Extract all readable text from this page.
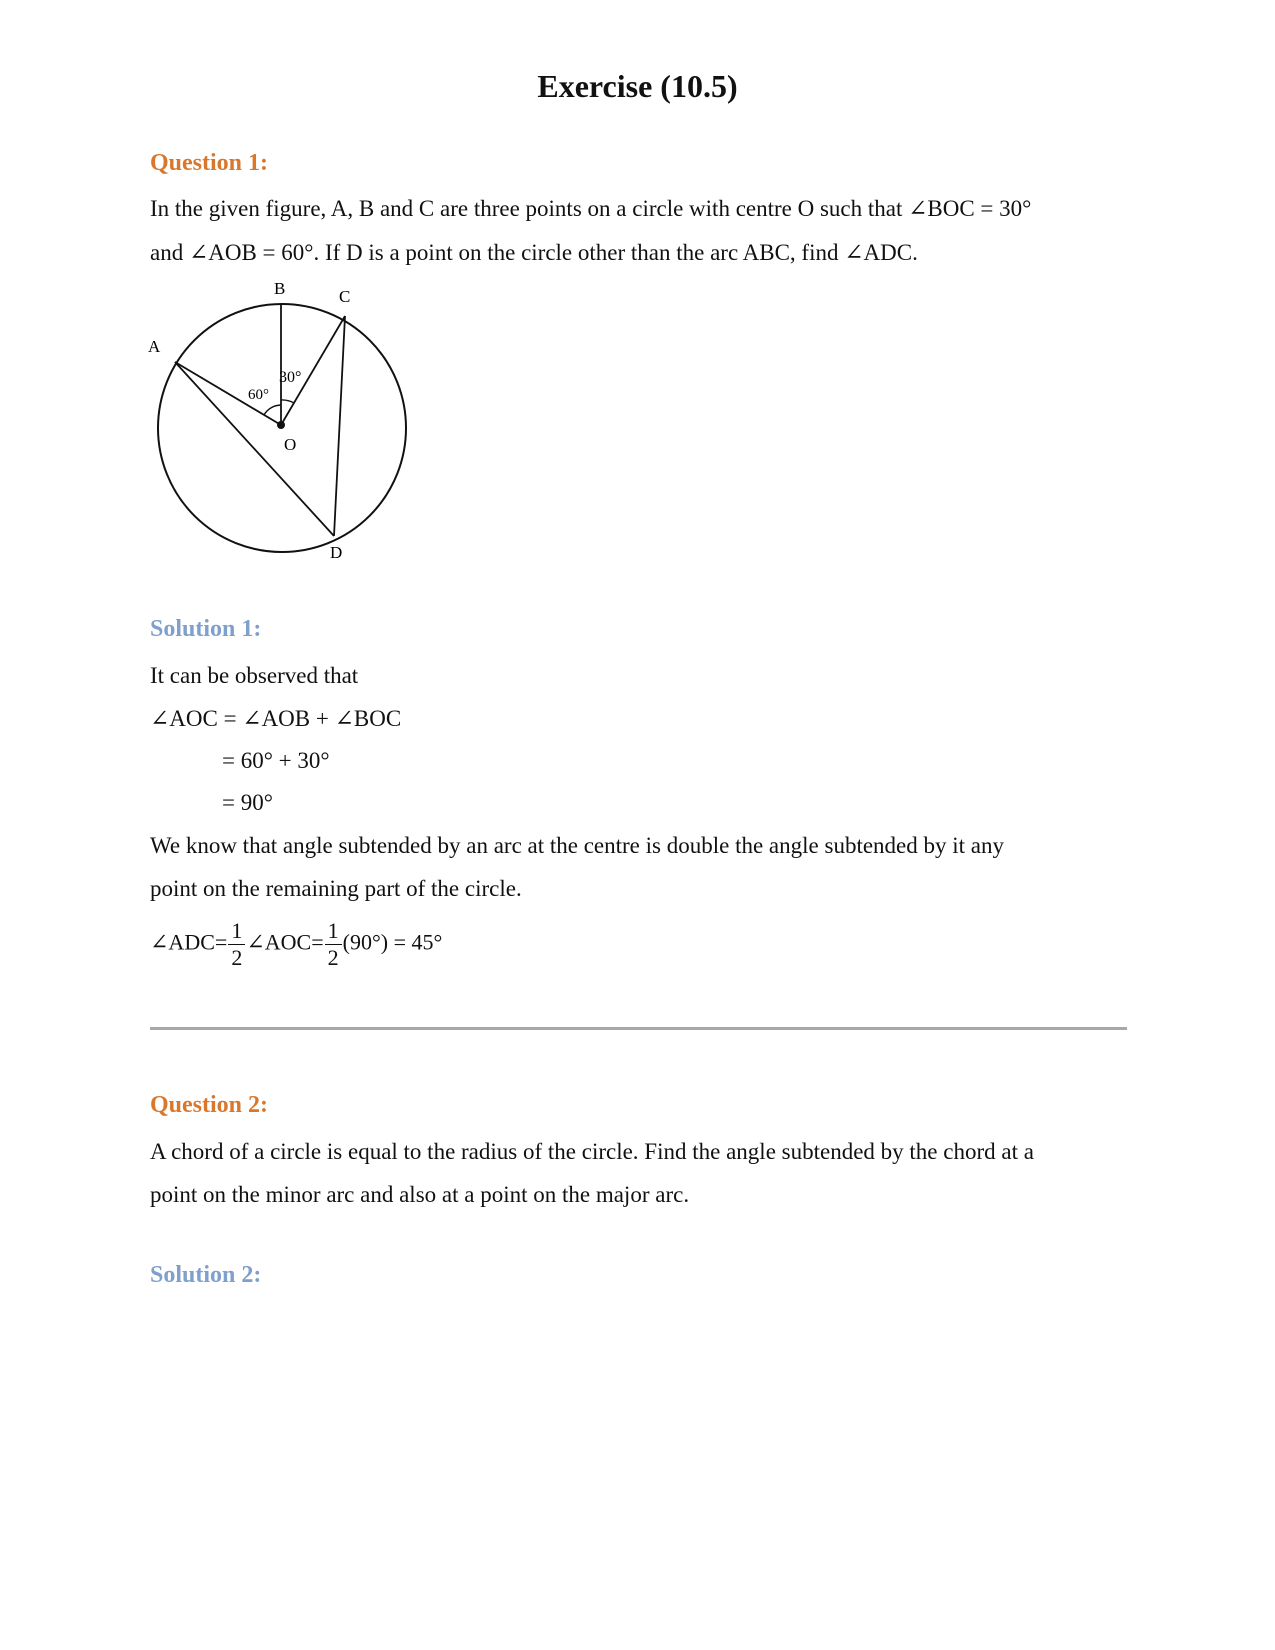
Exercise (10.5)
Question 1:
In the given figure, A, B and C are three points on a circle with centre O such that ∠BOC = 30°
and ∠AOB = 60°. If D is a point on the circle other than the arc ABC, find ∠ADC.
B	C
A
O
D
60°
30°
Solution 1:
It can be observed that
∠AOC = ∠AOB + ∠BOC
= 60° + 30°
= 90°
We know that angle subtended by an arc at the centre is double the angle subtended by it any
point on the remaining part of the circle.
∠ADC= $\frac{1}{2}$ ∠AOC= $\frac{1}{2} (90^\circ) = 45^\circ$
Question 2:
A chord of a circle is equal to the radius of the circle. Find the angle subtended by the chord at a
point on the minor arc and also at a point on the major arc.
Solution 2:
